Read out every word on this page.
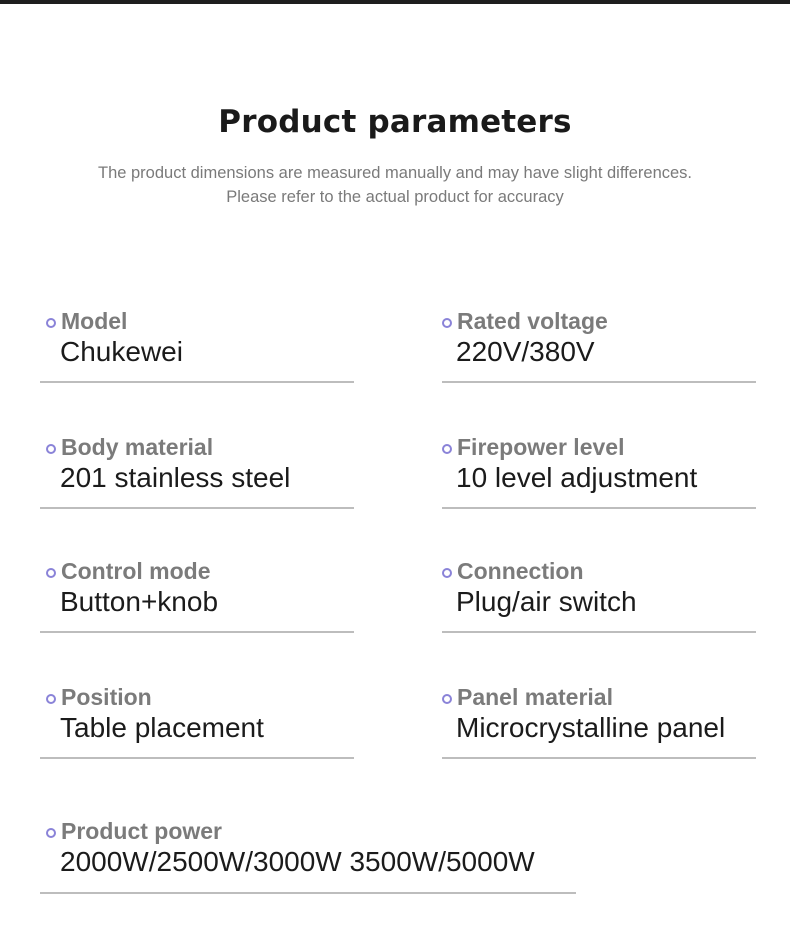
Product parameters
The product dimensions are measured manually and may have slight differences.
Please refer to the actual product for accuracy
Model
Chukewei
Rated voltage
220V/380V
Body material
201 stainless steel
Firepower level
10 level adjustment
Control mode
Button+knob
Connection
Plug/air switch
Position
Table placement
Panel material
Microcrystalline panel
Product power
2000W/2500W/3000W 3500W/5000W
